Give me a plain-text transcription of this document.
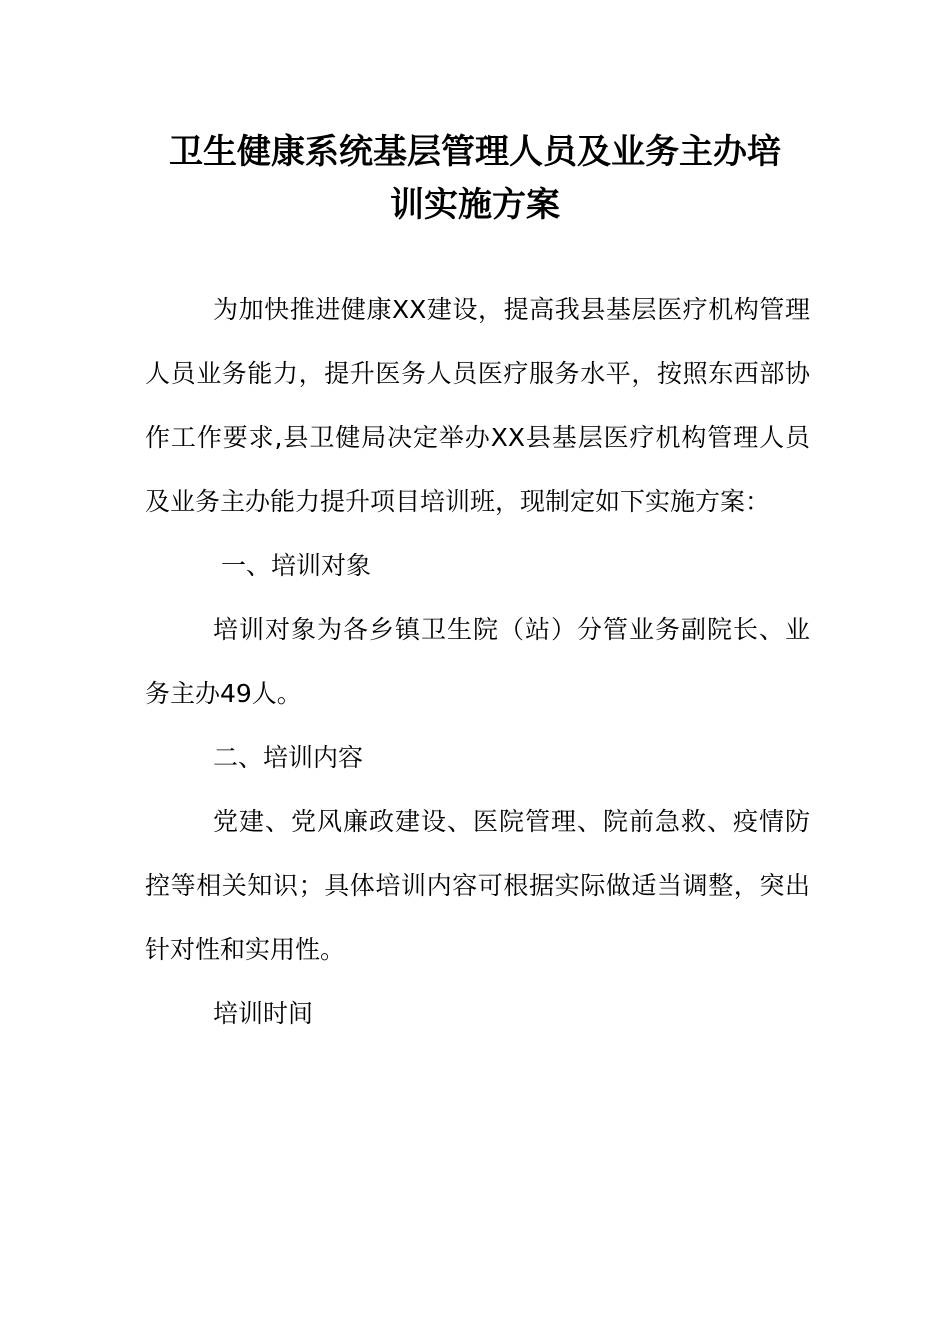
卫生健康系统基层管理人员及业务主办培
训实施方案

为加快推进健康XX建设，提高我县基层医疗机构管理人员业务能力，提升医务人员医疗服务水平，按照东西部协作工作要求,县卫健局决定举办XX县基层医疗机构管理人员及业务主办能力提升项目培训班，现制定如下实施方案：

一、培训对象

培训对象为各乡镇卫生院（站）分管业务副院长、业务主办49人。

二、培训内容

党建、党风廉政建设、医院管理、院前急救、疫情防控等相关知识；具体培训内容可根据实际做适当调整，突出针对性和实用性。

培训时间
